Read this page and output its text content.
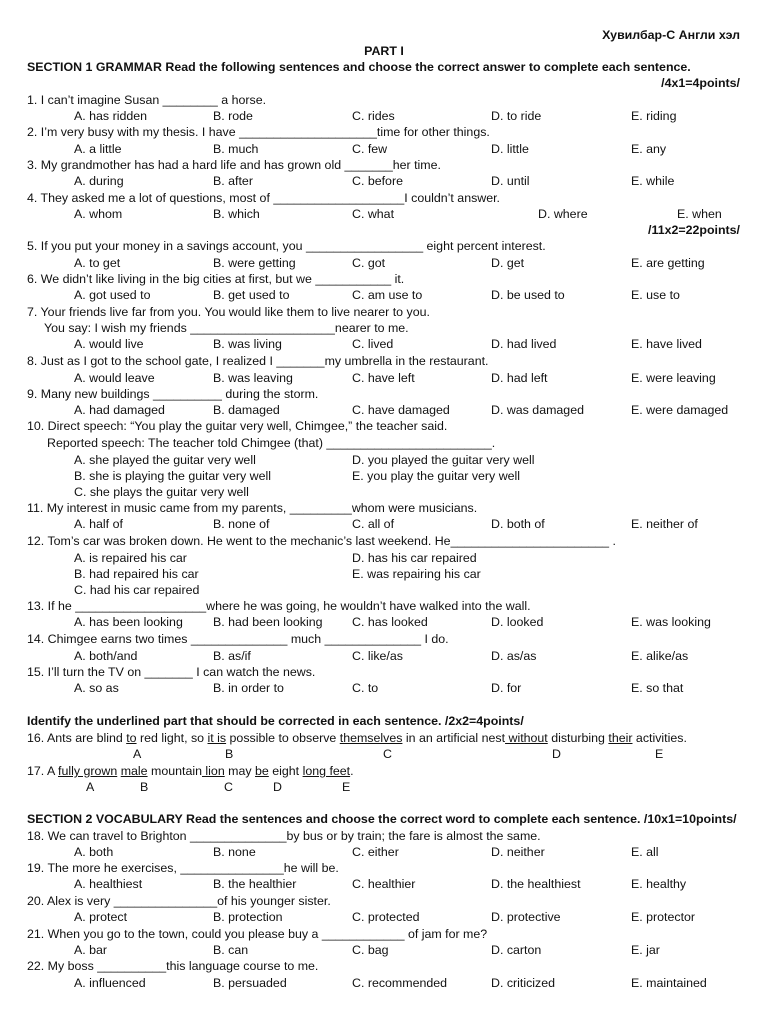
Хувилбар-С Англи хэл
PART I
SECTION 1 GRAMMAR Read the following sentences and choose the correct answer to complete each sentence.
/4x1=4points/
1. I can’t imagine Susan ________ a horse.
A. has ridden	B. rode	C. rides	D. to ride	E. riding
2. I’m very busy with my thesis. I have ____________________time for other things.
A. a little	B. much	C. few	D. little	E. any
3. My grandmother has had a hard life and has grown old _______her time.
A. during	B. after	C. before	D. until	E. while
4. They asked me a lot of questions, most of ___________________I couldn’t answer.
A. whom	B. which	C. what	D. where	E. when
/11x2=22points/
5. If you put your money in a savings account, you _________________ eight percent interest.
A. to get	B. were getting	C. got	D. get	E. are getting
6. We didn’t like living in the big cities at first, but we ___________ it.
A. got used to	B. get used to	C. am use to	D. be used to	E. use to
7. Your friends live far from you. You would like them to live nearer to you.
You say: I wish my friends _____________________nearer to me.
A. would live	B. was living	C. lived	D. had lived	E. have lived
8. Just as I got to the school gate, I realized I _______my umbrella in the restaurant.
A. would leave	B. was leaving	C. have left	D. had left	E. were leaving
9. Many new buildings __________ during the storm.
A. had damaged	B. damaged	C. have damaged	D. was damaged	E. were damaged
10. Direct speech: “You play the guitar very well, Chimgee,” the teacher said.
Reported speech: The teacher told Chimgee (that) ________________________.
A. she played the guitar very well	D. you played the guitar very well
B. she is playing the guitar very well	E. you play the guitar very well
C. she plays the guitar very well
11. My interest in music came from my parents, _________whom were musicians.
A. half of	B. none of	C. all of	D. both of	E. neither of
12. Tom’s car was broken down. He went to the mechanic’s last weekend. He_______________________ .
A. is repaired his car	D. has his car repaired
B. had repaired his car	E. was repairing his car
C. had his car repaired
13. If he ___________________where he was going, he wouldn’t have walked into the wall.
A. has been looking B. had been looking C. has looked	D. looked	E. was looking
14. Chimgee earns two times ______________ much ______________ I do.
A. both/and	B. as/if	C. like/as	D. as/as	E. alike/as
15. I’ll turn the TV on _______ I can watch the news.
A. so as	B. in order to	C. to	D. for	E. so that
Identify the underlined part that should be corrected in each sentence. /2x2=4points/
16. Ants are blind to red light, so it is possible to observe themselves in an artificial nest without disturbing their activities.
A	B	C	D	E
17. A fully grown male mountain lion may be eight long feet.
A	B	C	D	E
SECTION 2 VOCABULARY Read the sentences and choose the correct word to complete each sentence. /10x1=10points/
18. We can travel to Brighton ______________by bus or by train; the fare is almost the same.
A. both	B. none	C. either	D. neither	E. all
19. The more he exercises, _______________he will be.
A. healthiest	B. the healthier	C. healthier	D. the healthiest	E. healthy
20. Alex is very _______________of his younger sister.
A. protect	B. protection	C. protected	D. protective	E. protector
21. When you go to the town, could you please buy a ____________ of jam for me?
A. bar	B. can	C. bag	D. carton	E. jar
22. My boss __________this language course to me.
A. influenced	B. persuaded	C. recommended	D. criticized	E. maintained
